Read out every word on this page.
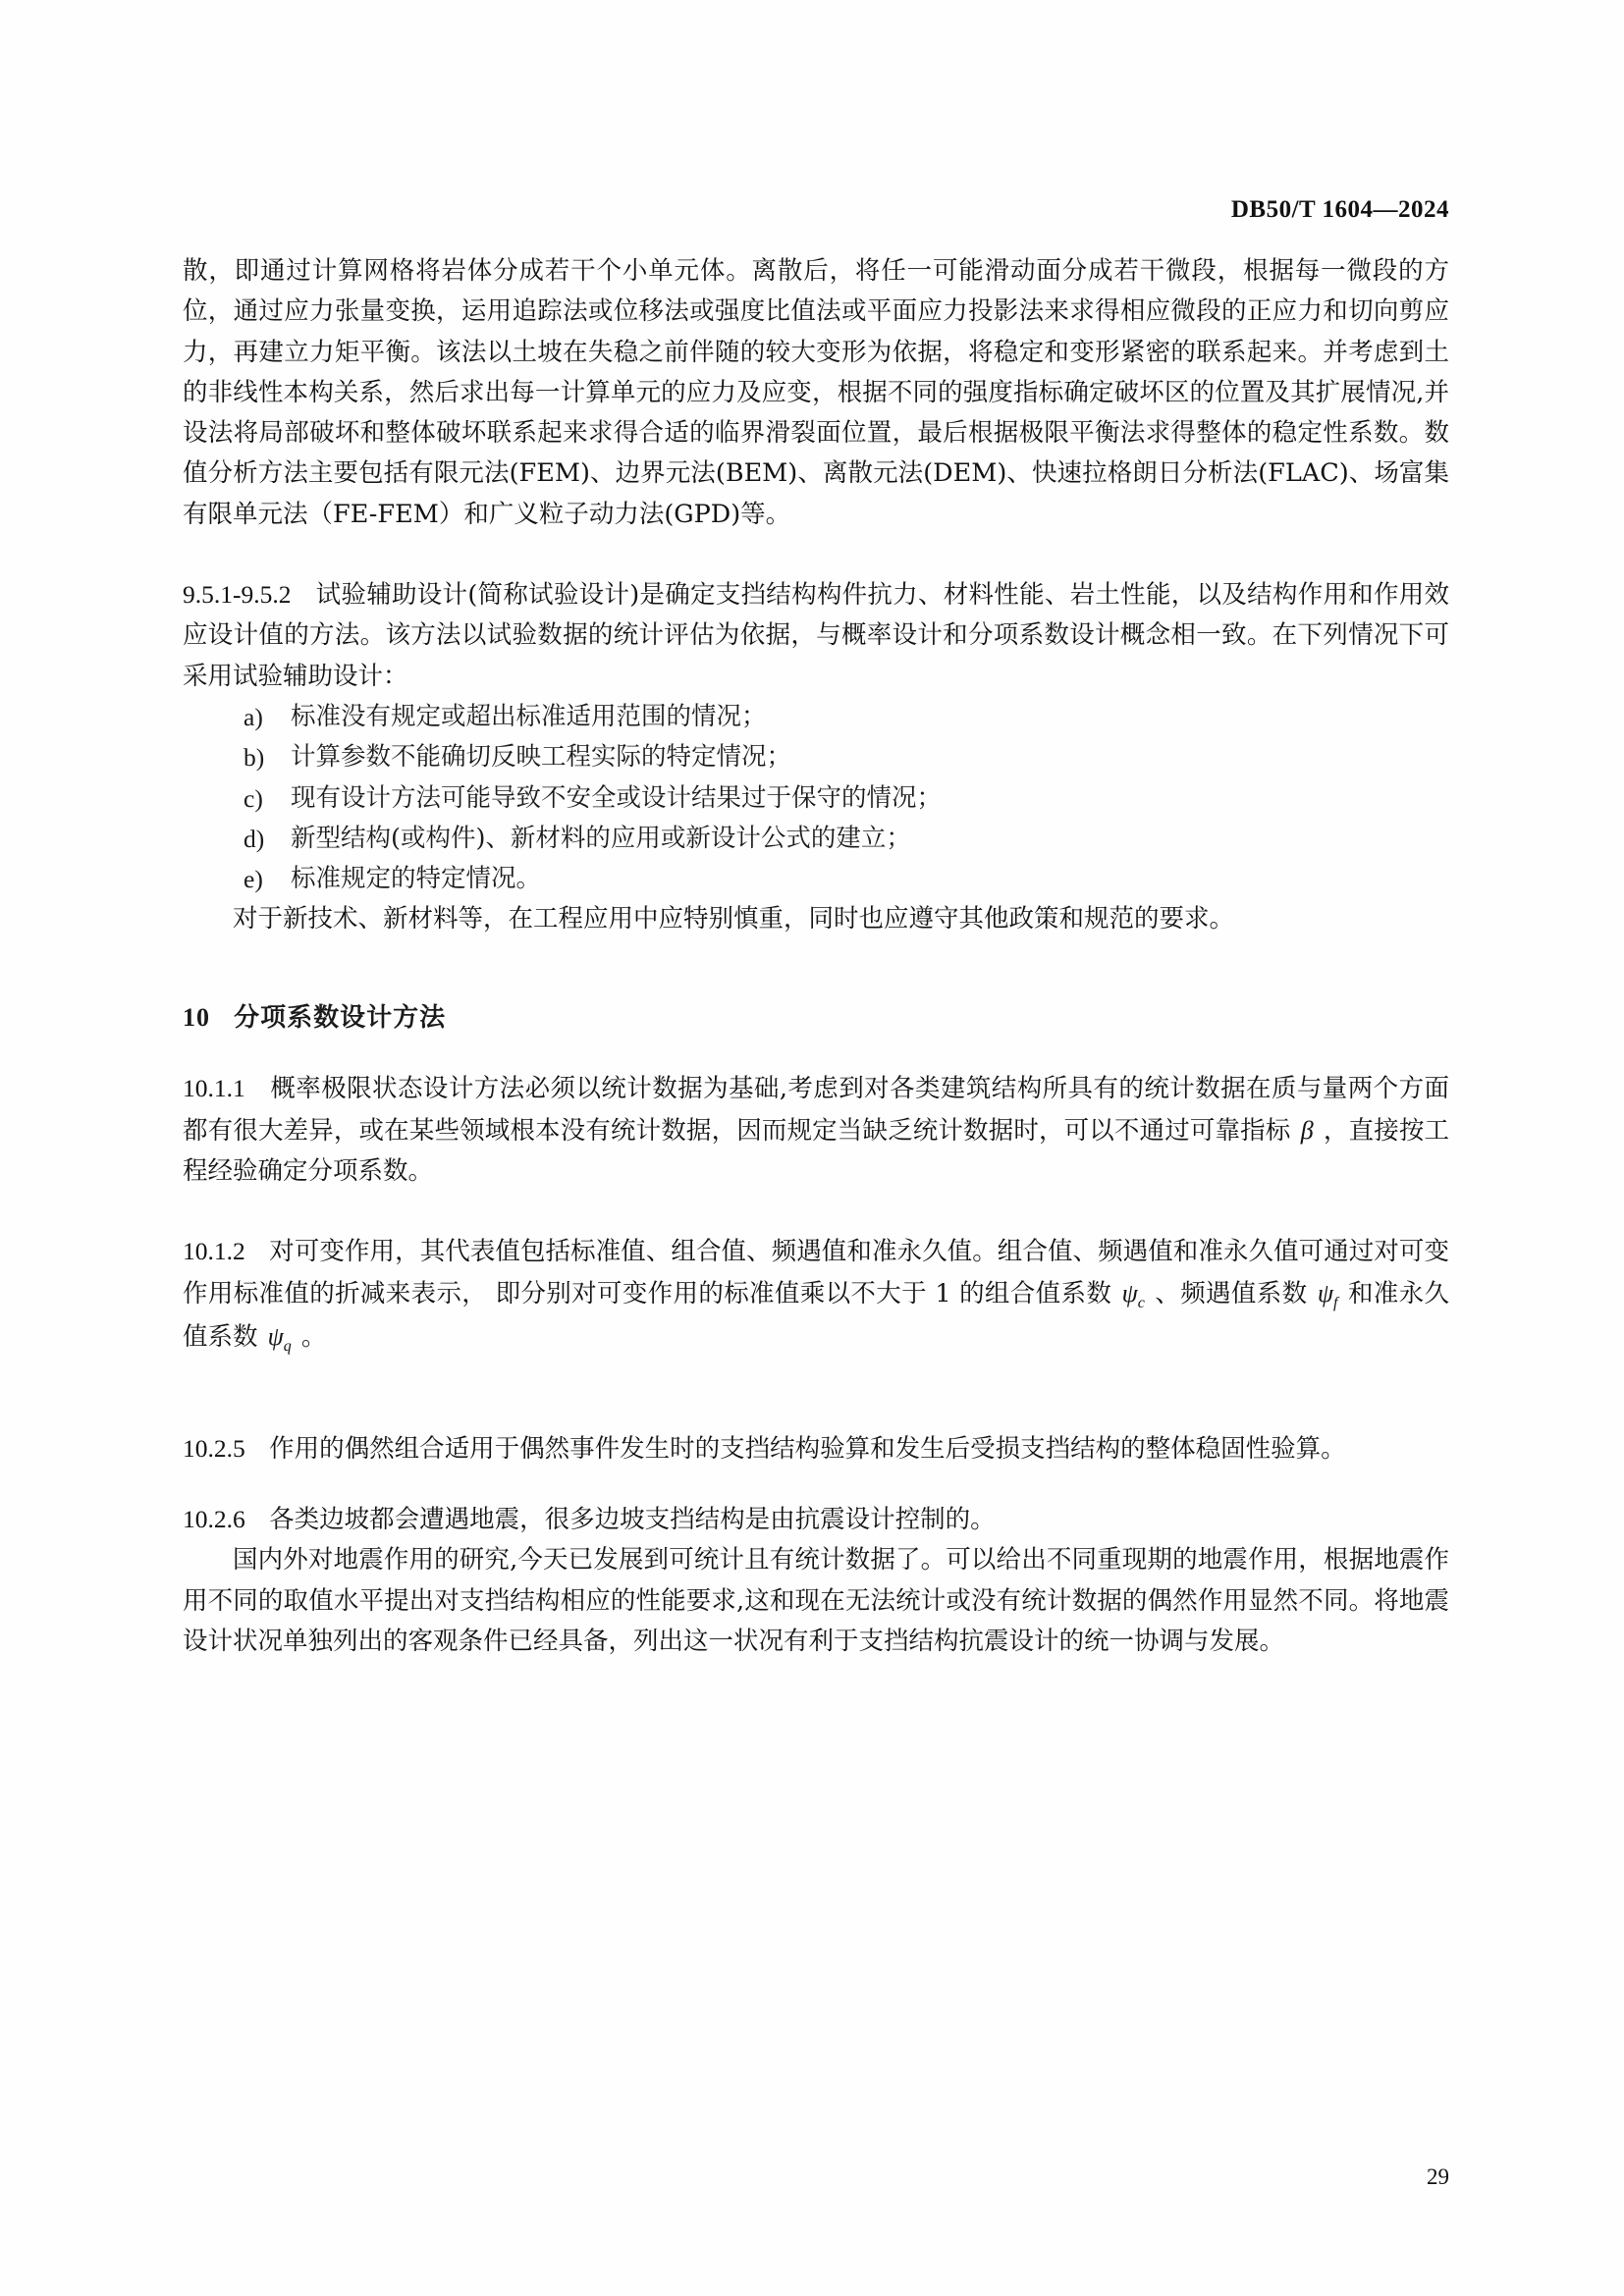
DB50/T 1604—2024

散，即通过计算网格将岩体分成若干个小单元体。离散后，将任一可能滑动面分成若干微段，根据每一微段的方位，通过应力张量变换，运用追踪法或位移法或强度比值法或平面应力投影法来求得相应微段的正应力和切向剪应力，再建立力矩平衡。该法以土坡在失稳之前伴随的较大变形为依据，将稳定和变形紧密的联系起来。并考虑到土的非线性本构关系，然后求出每一计算单元的应力及应变，根据不同的强度指标确定破坏区的位置及其扩展情况,并设法将局部破坏和整体破坏联系起来求得合适的临界滑裂面位置，最后根据极限平衡法求得整体的稳定性系数。数值分析方法主要包括有限元法(FEM)、边界元法(BEM)、离散元法(DEM)、快速拉格朗日分析法(FLAC)、场富集有限单元法（FE-FEM）和广义粒子动力法(GPD)等。

9.5.1-9.5.2 试验辅助设计(简称试验设计)是确定支挡结构构件抗力、材料性能、岩土性能，以及结构作用和作用效应设计值的方法。该方法以试验数据的统计评估为依据，与概率设计和分项系数设计概念相一致。在下列情况下可采用试验辅助设计：

a) 标准没有规定或超出标准适用范围的情况；
b) 计算参数不能确切反映工程实际的特定情况；
c) 现有设计方法可能导致不安全或设计结果过于保守的情况；
d) 新型结构(或构件)、新材料的应用或新设计公式的建立；
e) 标准规定的特定情况。

对于新技术、新材料等，在工程应用中应特别慎重，同时也应遵守其他政策和规范的要求。

10 分项系数设计方法

10.1.1 概率极限状态设计方法必须以统计数据为基础,考虑到对各类建筑结构所具有的统计数据在质与量两个方面都有很大差异，或在某些领域根本没有统计数据，因而规定当缺乏统计数据时，可以不通过可靠指标 β ，直接按工程经验确定分项系数。

10.1.2 对可变作用，其代表值包括标准值、组合值、频遇值和准永久值。组合值、频遇值和准永久值可通过对可变作用标准值的折减来表示， 即分别对可变作用的标准值乘以不大于 1 的组合值系数 $\psi_c$ 、频遇值系数 $\psi_f$ 和准永久值系数 $\psi_q$ 。

10.2.5 作用的偶然组合适用于偶然事件发生时的支挡结构验算和发生后受损支挡结构的整体稳固性验算。

10.2.6 各类边坡都会遭遇地震，很多边坡支挡结构是由抗震设计控制的。

国内外对地震作用的研究,今天已发展到可统计且有统计数据了。可以给出不同重现期的地震作用，根据地震作用不同的取值水平提出对支挡结构相应的性能要求,这和现在无法统计或没有统计数据的偶然作用显然不同。将地震设计状况单独列出的客观条件已经具备，列出这一状况有利于支挡结构抗震设计的统一协调与发展。

29
